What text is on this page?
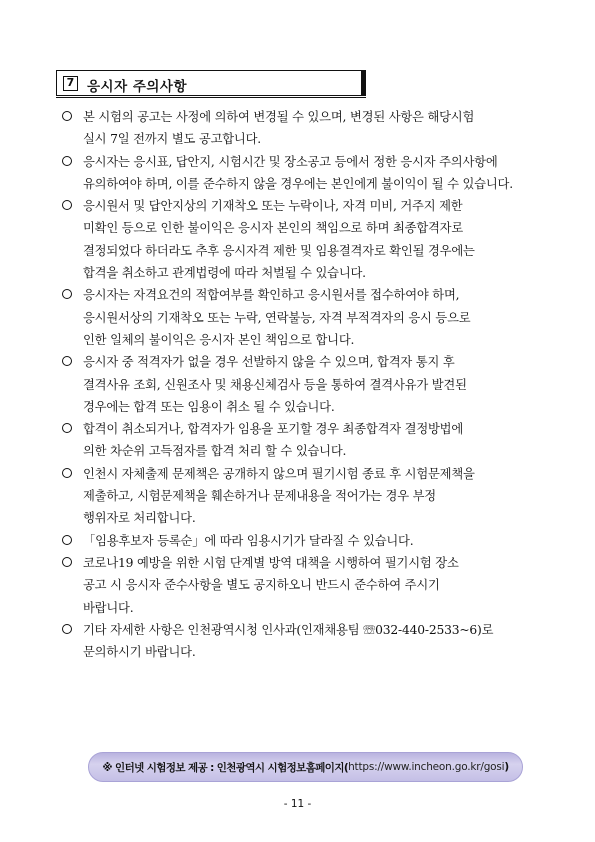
7 응시자 주의사항
본 시험의 공고는 사정에 의하여 변경될 수 있으며, 변경된 사항은 해당시험
실시 7일 전까지 별도 공고합니다.
응시자는 응시표, 답안지, 시험시간 및 장소공고 등에서 정한 응시자 주의사항에
유의하여야 하며, 이를 준수하지 않을 경우에는 본인에게 불이익이 될 수 있습니다.
응시원서 및 답안지상의 기재착오 또는 누락이나, 자격 미비, 거주지 제한
미확인 등으로 인한 불이익은 응시자 본인의 책임으로 하며 최종합격자로
결정되었다 하더라도 추후 응시자격 제한 및 임용결격자로 확인될 경우에는
합격을 취소하고 관계법령에 따라 처벌될 수 있습니다.
응시자는 자격요건의 적합여부를 확인하고 응시원서를 접수하여야 하며,
응시원서상의 기재착오 또는 누락, 연락불능, 자격 부적격자의 응시 등으로
인한 일체의 불이익은 응시자 본인 책임으로 합니다.
응시자 중 적격자가 없을 경우 선발하지 않을 수 있으며, 합격자 통지 후
결격사유 조회, 신원조사 및 채용신체검사 등을 통하여 결격사유가 발견된
경우에는 합격 또는 임용이 취소 될 수 있습니다.
합격이 취소되거나, 합격자가 임용을 포기할 경우 최종합격자 결정방법에
의한 차순위 고득점자를 합격 처리 할 수 있습니다.
인천시 자체출제 문제책은 공개하지 않으며 필기시험 종료 후 시험문제책을
제출하고, 시험문제책을 훼손하거나 문제내용을 적어가는 경우 부정
행위자로 처리합니다.
「임용후보자 등록순」에 따라 임용시기가 달라질 수 있습니다.
코로나19 예방을 위한 시험 단계별 방역 대책을 시행하여 필기시험 장소
공고 시 응시자 준수사항을 별도 공지하오니 반드시 준수하여 주시기
바랍니다.
기타 자세한 사항은 인천광역시청 인사과(인재채용팀 ☏032-440-2533~6)로
문의하시기 바랍니다.
※ 인터넷 시험정보 제공 : 인천광역시 시험정보홈페이지( https://www.incheon.go.kr/gosi )
- 11 -
